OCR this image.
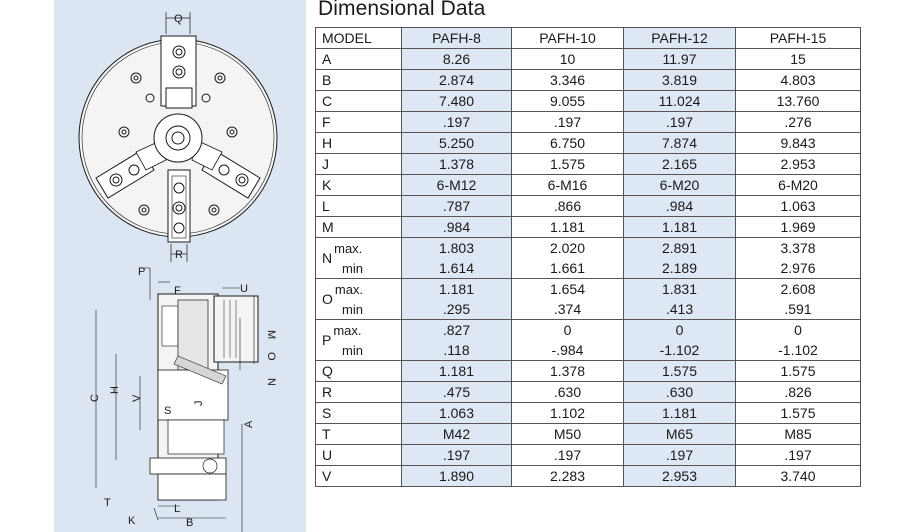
Q
R
P
F	U
M
O
N
C
H
V
S
J
A
T
K
L
B
Dimensional Data
MODEL	PAFH-8	PAFH-10	PAFH-12	PAFH-15
A	8.26	10	11.97	15
B	2.874	3.346	3.819	4.803
C	7.480	9.055	11.024	13.760
F	.197	.197	.197	.276
H	5.250	6.750	7.874	9.843
J	1.378	1.575	2.165	2.953
K	6-M12	6-M16	6-M20	6-M20
L	.787	.866	.984	1.063
M	.984	1.181	1.181	1.969
Nmax.	1.803	2.020	2.891	3.378
min	1.614	1.661	2.189	2.976
Omax.	1.181	1.654	1.831	2.608
min	.295	.374	.413	.591
Pmax.	.827	0	0	0
min	.118	-.984	-1.102	-1.102
Q	1.181	1.378	1.575	1.575
R	.475	.630	.630	.826
S	1.063	1.102	1.181	1.575
T	M42	M50	M65	M85
U	.197	.197	.197	.197
V	1.890	2.283	2.953	3.740
